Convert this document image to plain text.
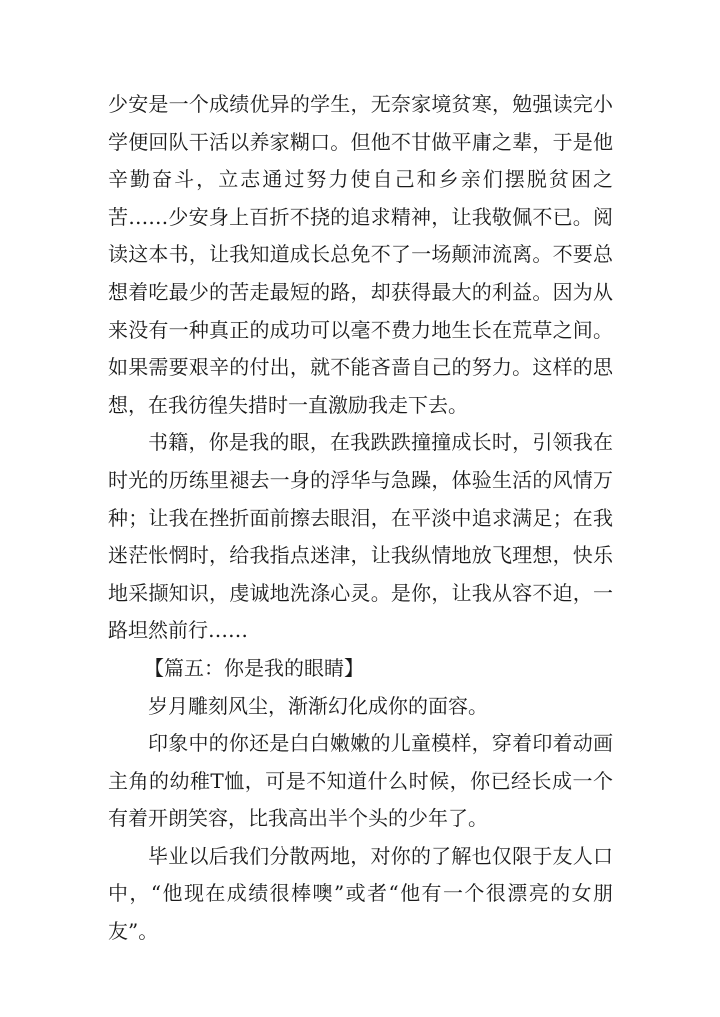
少安是一个成绩优异的学生，无奈家境贫寒，勉强读完小学便回队干活以养家糊口。但他不甘做平庸之辈，于是他辛勤奋斗，立志通过努力使自己和乡亲们摆脱贫困之苦……少安身上百折不挠的追求精神，让我敬佩不已。阅读这本书，让我知道成长总免不了一场颠沛流离。不要总想着吃最少的苦走最短的路，却获得最大的利益。因为从来没有一种真正的成功可以毫不费力地生长在荒草之间。如果需要艰辛的付出，就不能吝啬自己的努力。这样的思想，在我彷徨失措时一直激励我走下去。

书籍，你是我的眼，在我跌跌撞撞成长时，引领我在时光的历练里褪去一身的浮华与急躁，体验生活的风情万种；让我在挫折面前擦去眼泪，在平淡中追求满足；在我迷茫怅惘时，给我指点迷津，让我纵情地放飞理想，快乐地采撷知识，虔诚地洗涤心灵。是你，让我从容不迫，一路坦然前行……

【篇五：你是我的眼睛】

岁月雕刻风尘，渐渐幻化成你的面容。

印象中的你还是白白嫩嫩的儿童模样，穿着印着动画主角的幼稚T恤，可是不知道什么时候，你已经长成一个有着开朗笑容，比我高出半个头的少年了。

毕业以后我们分散两地，对你的了解也仅限于友人口中，“他现在成绩很棒噢”或者“他有一个很漂亮的女朋友”。
